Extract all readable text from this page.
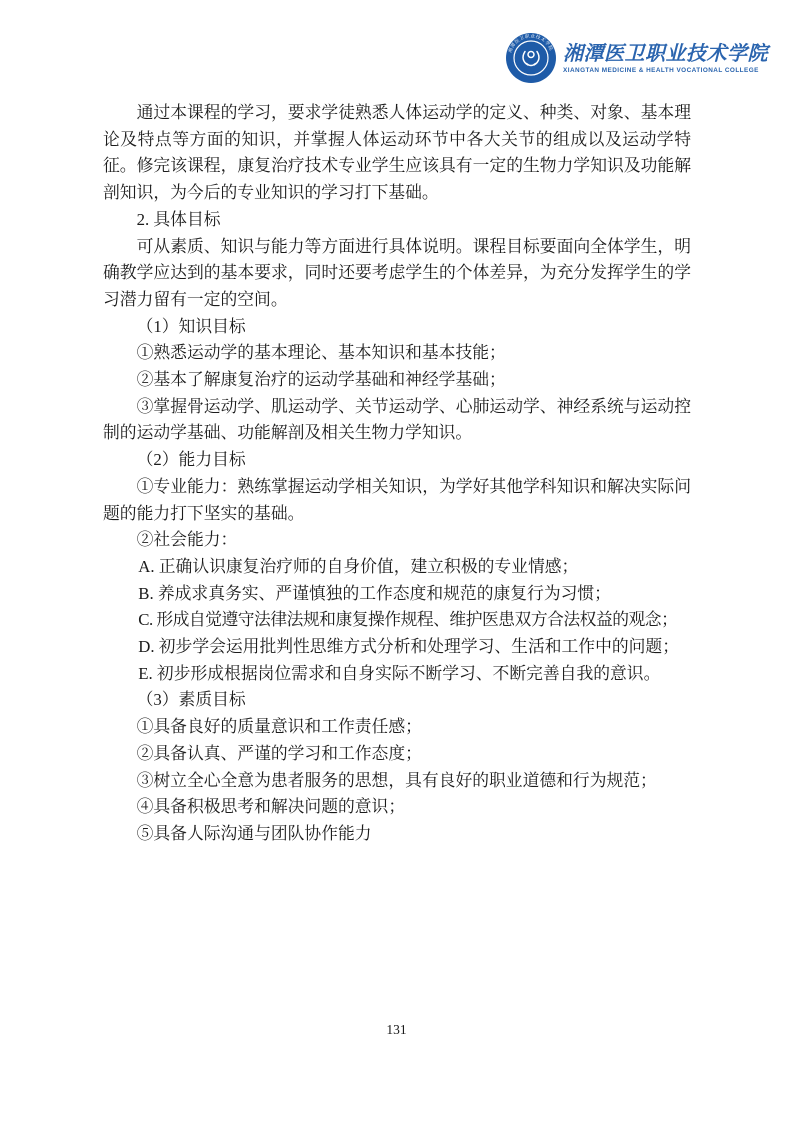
湘潭医卫职业技术学院 湘潭医卫职业技术学院
XIANGTAN MEDICINE & HEALTH VOCATIONAL COLLEGE

通过本课程的学习，要求学徒熟悉人体运动学的定义、种类、对象、基本理论及特点等方面的知识，并掌握人体运动环节中各大关节的组成以及运动学特征。修完该课程，康复治疗技术专业学生应该具有一定的生物力学知识及功能解剖知识，为今后的专业知识的学习打下基础。

2. 具体目标

可从素质、知识与能力等方面进行具体说明。课程目标要面向全体学生，明确教学应达到的基本要求，同时还要考虑学生的个体差异，为充分发挥学生的学习潜力留有一定的空间。

（1）知识目标

①熟悉运动学的基本理论、基本知识和基本技能；

②基本了解康复治疗的运动学基础和神经学基础；

③掌握骨运动学、肌运动学、关节运动学、心肺运动学、神经系统与运动控制的运动学基础、功能解剖及相关生物力学知识。

（2）能力目标

①专业能力：熟练掌握运动学相关知识，为学好其他学科知识和解决实际问题的能力打下坚实的基础。

②社会能力：

A. 正确认识康复治疗师的自身价值，建立积极的专业情感；

B. 养成求真务实、严谨慎独的工作态度和规范的康复行为习惯；

C. 形成自觉遵守法律法规和康复操作规程、维护医患双方合法权益的观念；

D. 初步学会运用批判性思维方式分析和处理学习、生活和工作中的问题；

E. 初步形成根据岗位需求和自身实际不断学习、不断完善自我的意识。

（3）素质目标

①具备良好的质量意识和工作责任感；

②具备认真、严谨的学习和工作态度；

③树立全心全意为患者服务的思想，具有良好的职业道德和行为规范；

④具备积极思考和解决问题的意识；

⑤具备人际沟通与团队协作能力

131
